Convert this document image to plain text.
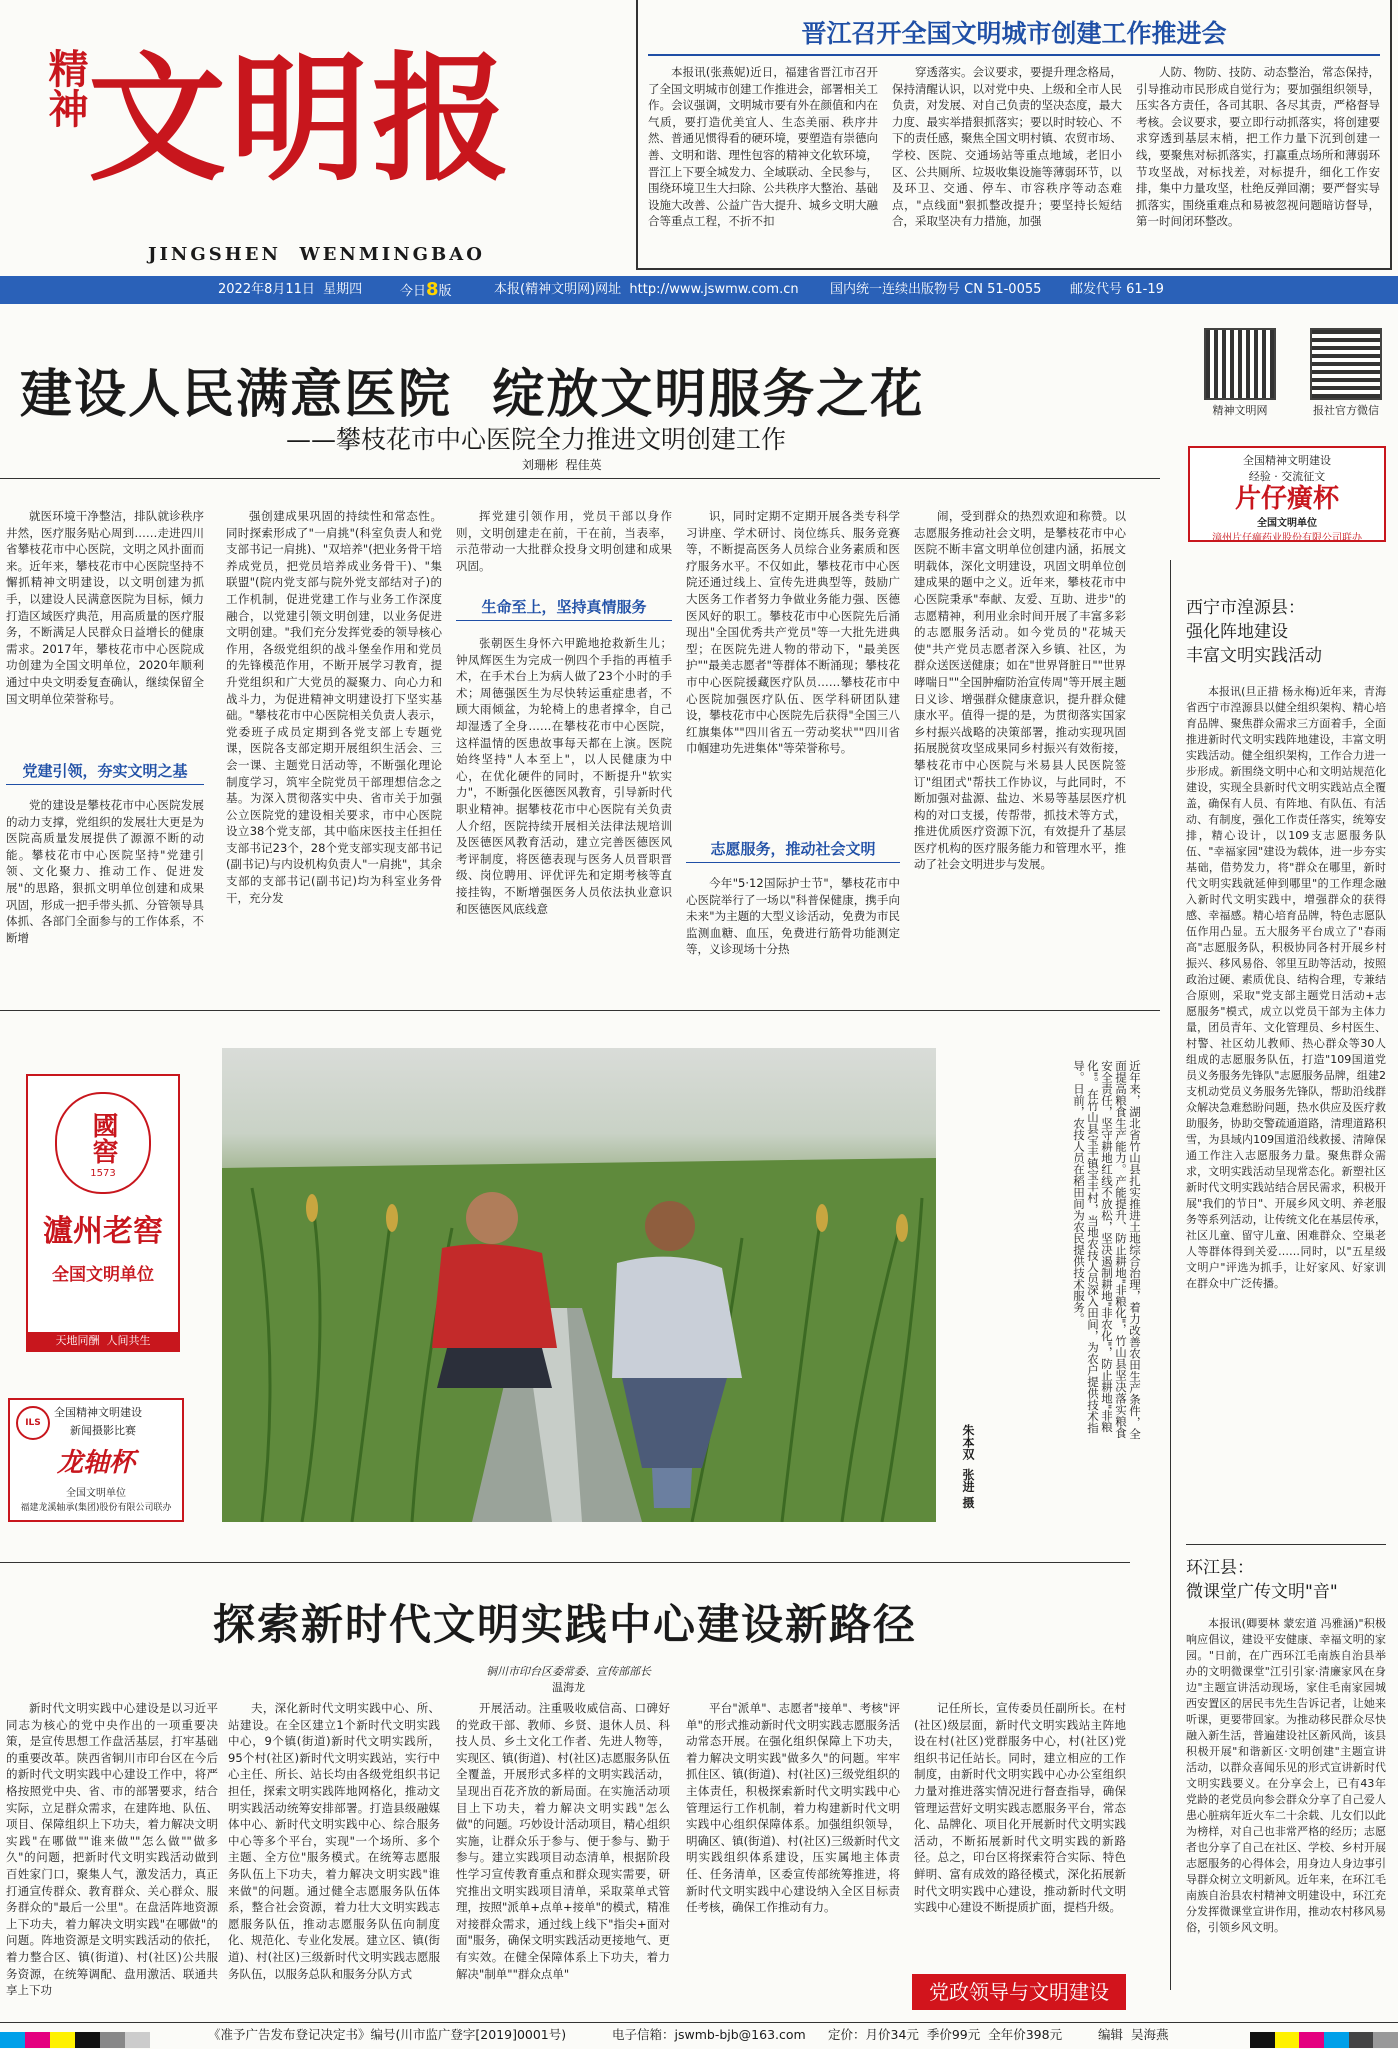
精神 文明报
JINGSHEN  WENMINGBAO
晋江召开全国文明城市创建工作推进会
本报讯(张燕妮)近日，福建省晋江市召开了全国文明城市创建工作推进会，部署相关工作。会议强调，文明城市要有外在颜值和内在气质，要打造优美宜人、生态美丽、秩序井然、普通见惯得看的硬环境，要塑造有崇德向善、文明和谐、理性包容的精神文化软环境，晋江上下要全城发力、全域联动、全民参与，围绕环境卫生大扫除、公共秩序大整治、基础设施大改善、公益广告大提升、城乡文明大融合等重点工程，不折不扣
穿透落实。会议要求，要提升理念格局，保持清醒认识，以对党中央、上级和全市人民负责，对发展、对自己负责的坚决态度，最大力度、最实举措狠抓落实；要以时时较心、不下的责任感，聚焦全国文明村镇、农贸市场、学校、医院、交通场站等重点地域，老旧小区、公共厕所、垃圾收集设施等薄弱环节，以及环卫、交通、停车、市容秩序等动态难点，"点线面"狠抓整改提升；要坚持长短结合，采取坚决有力措施，加强
人防、物防、技防、动态整治，常态保持，引导推动市民形成自觉行为；要加强组织领导，压实各方责任，各司其职、各尽其责，严格督导考核。会议要求，要立即行动抓落实，将创建要求穿透到基层末梢，把工作力量下沉到创建一线，要聚焦对标抓落实，打赢重点场所和薄弱环节攻坚战，对标找差，对标提升，细化工作安排，集中力量攻坚，杜绝反弹回潮；要严督实导抓落实，围绕重难点和易被忽视问题暗访督导，第一时间闭环整改。
2022年8月11日  星期四	今日8版	本报(精神文明网)网址  http://www.jswmw.com.cn 国内统一连续出版物号 CN 51-0055 邮发代号 61-19
建设人民满意医院  绽放文明服务之花
——攀枝花市中心医院全力推进文明创建工作
刘珊彬  程佳英
精神文明网	报社官方微信
全国精神文明建设
经验 · 交流征文
片仔癀杯
全国文明单位
漳州片仔癀药业股份有限公司联办
就医环境干净整洁，排队就诊秩序井然，医疗服务贴心周到……走进四川省攀枝花市中心医院，文明之风扑面而来。近年来，攀枝花市中心医院坚持不懈抓精神文明建设，以文明创建为抓手，以建设人民满意医院为目标，倾力打造区域医疗典范，用高质量的医疗服务，不断满足人民群众日益增长的健康需求。2017年，攀枝花市中心医院成功创建为全国文明单位，2020年顺利通过中央文明委复查确认，继续保留全国文明单位荣誉称号。
党建引领，夯实文明之基
党的建设是攀枝花市中心医院发展的动力支撑，党组织的发展壮大更是为医院高质量发展提供了源源不断的动能。攀枝花市中心医院坚持"党建引领、文化聚力、推动工作、促进发展"的思路，狠抓文明单位创建和成果巩固，形成一把手带头抓、分管领导具体抓、各部门全面参与的工作体系，不断增
强创建成果巩固的持续性和常态性。同时探索形成了"一肩挑"(科室负责人和党支部书记一肩挑)、"双培养"(把业务骨干培养成党员，把党员培养成业务骨干)、"集联盟"(院内党支部与院外党支部结对子)的工作机制，促进党建工作与业务工作深度融合，以党建引领文明创建，以业务促进文明创建。"我们充分发挥党委的领导核心作用，各级党组织的战斗堡垒作用和党员的先锋模范作用，不断开展学习教育，提升党组织和广大党员的凝聚力、向心力和战斗力，为促进精神文明建设打下坚实基础。"攀枝花市中心医院相关负责人表示，党委班子成员定期到各党支部上专题党课，医院各支部定期开展组织生活会、三会一课、主题党日活动等，不断强化理论制度学习，筑牢全院党员干部理想信念之基。为深入贯彻落实中央、省市关于加强公立医院党的建设相关要求，市中心医院设立38个党支部，其中临床医技主任担任支部书记23个，28个党支部实现支部书记(副书记)与内设机构负责人"一肩挑"，其余支部的支部书记(副书记)均为科室业务骨干，充分发
挥党建引领作用，党员干部以身作则，文明创建走在前，干在前，当表率，示范带动一大批群众投身文明创建和成果巩固。
生命至上，坚持真情服务
张朝医生身怀六甲跪地抢救新生儿；钟凤辉医生为完成一例四个手指的再植手术，在手术台上为病人做了23个小时的手术；周德强医生为尽快转运重症患者，不顾大雨倾盆，为轮椅上的患者撑伞，自己却湿透了全身……在攀枝花市中心医院，这样温情的医患故事每天都在上演。医院始终坚持"人本至上"，以人民健康为中心，在优化硬件的同时，不断提升"软实力"，不断强化医德医风教育，引导新时代职业精神。据攀枝花市中心医院有关负责人介绍，医院持续开展相关法律法规培训及医德医风教育活动，建立完善医德医风考评制度，将医德表现与医务人员晋职晋级、岗位聘用、评优评先和定期考核等直接挂钩，不断增强医务人员依法执业意识和医德医风底线意
识，同时定期不定期开展各类专科学习讲座、学术研讨、岗位练兵、服务竞赛等，不断提高医务人员综合业务素质和医疗服务水平。不仅如此，攀枝花市中心医院还通过线上、宣传先进典型等，鼓励广大医务工作者努力争做业务能力强、医德医风好的职工。攀枝花市中心医院先后涌现出"全国优秀共产党员"等一大批先进典型；在医院先进人物的带动下，"最美医护""最美志愿者"等群体不断涌现；攀枝花市中心医院援藏医疗队员……攀枝花市中心医院加强医疗队伍、医学科研团队建设，攀枝花市中心医院先后获得"全国三八红旗集体""四川省五一劳动奖状""四川省巾帼建功先进集体"等荣誉称号。
志愿服务，推动社会文明
今年"5·12国际护士节"，攀枝花市中心医院举行了一场以"科普保健康，携手向未来"为主题的大型义诊活动，免费为市民监测血糖、血压，免费进行筋骨功能测定等，义诊现场十分热
闹，受到群众的热烈欢迎和称赞。以志愿服务推动社会文明，是攀枝花市中心医院不断丰富文明单位创建内涵，拓展文明载体，深化文明建设，巩固文明单位创建成果的题中之义。近年来，攀枝花市中心医院秉承"奉献、友爱、互助、进步"的志愿精神，利用业余时间开展了丰富多彩的志愿服务活动。如今党员的"花城天使"共产党员志愿者深入乡镇、社区，为群众送医送健康；如在"世界肾脏日""世界哮喘日""全国肿瘤防治宣传周"等开展主题日义诊、增强群众健康意识，提升群众健康水平。值得一提的是，为贯彻落实国家乡村振兴战略的决策部署，推动实现巩固拓展脱贫攻坚成果同乡村振兴有效衔接，攀枝花市中心医院与米易县人民医院签订"组团式"帮扶工作协议，与此同时，不断加强对盐源、盐边、米易等基层医疗机构的对口支援，传帮带，抓技术等方式，推进优质医疗资源下沉，有效提升了基层医疗机构的医疗服务能力和管理水平，推动了社会文明进步与发展。
西宁市湟源县：
强化阵地建设
丰富文明实践活动
本报讯(旦正措 杨永梅)近年来，青海省西宁市湟源县以健全组织架构、精心培育品牌、聚焦群众需求三方面着手，全面推进新时代文明实践阵地建设，丰富文明实践活动。健全组织架构，工作合力进一步形成。新围绕文明中心和文明站规范化建设，实现全县新时代文明实践站点全覆盖，确保有人员、有阵地、有队伍、有活动、有制度，强化工作责任落实，统筹安排，精心设计，以109支志愿服务队伍、"幸福家园"建设为载体，进一步夯实基础，借势发力，将"群众在哪里，新时代文明实践就延伸到哪里"的工作理念融入新时代文明实践中，增强群众的获得感、幸福感。精心培育品牌，特色志愿队伍作用凸显。五大服务平台成立了"春雨高"志愿服务队，积极协同各村开展乡村振兴、移风易俗、邻里互助等活动，按照政治过硬、素质优良、结构合理，专兼结合原则，采取"党支部主题党日活动+志愿服务"模式，成立以党员干部为主体力量，团员青年、文化管理员、乡村医生、村警、社区幼儿教师、热心群众等30人组成的志愿服务队伍，打造"109国道党员义务服务先锋队"志愿服务品牌，组建2支机动党员义务服务先锋队，帮助沿线群众解决急难愁盼问题，热水供应及医疗救助服务，协助交警疏通道路，清理道路积雪，为县域内109国道沿线救援、清障保通工作注入志愿服务力量。聚焦群众需求，文明实践活动呈现常态化。新塑社区新时代文明实践站结合居民需求，积极开展"我们的节日"、开展乡风文明、养老服务等系列活动，让传统文化在基层传承，社区儿童、留守儿童、困难群众、空巢老人等群体得到关爱……同时，以"五星级文明户"评选为抓手，让好家风、好家训在群众中广泛传播。
环江县：
微课堂广传文明"音"
本报讯(卿要林 蒙宏道 冯雅涵)"积极响应倡议，建设平安健康、幸福文明的家园。"日前，在广西环江毛南族自治县举办的文明微课堂"江引引家·清廉家风在身边"主题宣讲活动现场，家住毛南家园城西安置区的居民韦先生告诉记者，让她来听课，更要带回家。为推动移民群众尽快融入新生活，普遍建设社区新风尚，该县积极开展"和谐新区·文明创建"主题宣讲活动，以群众喜闻乐见的形式宣讲新时代文明实践要义。在分享会上，已有43年党龄的老党员向参会群众分享了自己爱人患心脏病年近火车二十余载、儿女们以此为榜样，对自己也非常严格的经历；志愿者也分享了自己在社区、学校、乡村开展志愿服务的心得体会，用身边人身边事引导群众树立文明新风。近年来，在环江毛南族自治县农村精神文明建设中，环江充分发挥微课堂宣讲作用，推动农村移风易俗，引领乡风文明。
國窖
1573
瀘州老窖
全国文明单位
天地同酬  人间共生
ILS
全国精神文明建设
新闻摄影比赛
龙轴杯
全国文明单位
福建龙溪轴承(集团)股份有限公司联办
近年来，湖北省竹山县扎实推进土地综合治理，着力改善农田生产条件，全面提高粮食生产能力。产能提升、防止耕地"非粮化"，竹山县坚决落实粮食安全责任，坚守耕地红线不放松，坚决遏制耕地"非农化"，防止耕地"非粮化"。在竹山县宝丰镇宝丰村，当地农技人员深入田间，为农户提供技术指导。日前，农技人员在稻田间为农民提供技术服务。
朱本双  张进 摄
探索新时代文明实践中心建设新路径

铜川市印台区委常委、宣传部部长
温海龙

新时代文明实践中心建设是以习近平同志为核心的党中央作出的一项重要决策，是宣传思想工作盘活基层，打牢基础的重要改革。陕西省铜川市印台区在今后的新时代文明实践中心建设工作中，将严格按照党中央、省、市的部署要求，结合实际，立足群众需求，在建阵地、队伍、项目、保障组织上下功夫，着力解决文明实践"在哪做""谁来做""怎么做""做多久"的问题，把新时代文明实践活动做到百姓家门口，聚集人气，激发活力，真正打通宣传群众、教育群众、关心群众、服务群众的"最后一公里"。在盘活阵地资源上下功夫，着力解决文明实践"在哪做"的问题。阵地资源是文明实践活动的依托，着力整合区、镇(街道)、村(社区)公共服务资源，在统筹调配、盘用激活、联通共享上下功
夫，深化新时代文明实践中心、所、站建设。在全区建立1个新时代文明实践中心，9个镇(街道)新时代文明实践所，95个村(社区)新时代文明实践站，实行中心主任、所长、站长均由各级党组织书记担任，探索文明实践阵地网格化，推动文明实践活动统筹安排部署。打造县级融媒体中心、新时代文明实践中心、综合服务中心等多个平台，实现"一个场所、多个主题、全方位"服务模式。在统筹志愿服务队伍上下功夫，着力解决文明实践"谁来做"的问题。通过健全志愿服务队伍体系，整合社会资源，着力壮大文明实践志愿服务队伍，推动志愿服务队伍向制度化、规范化、专业化发展。建立区、镇(街道)、村(社区)三级新时代文明实践志愿服务队伍，以服务总队和服务分队方式
开展活动。注重吸收威信高、口碑好的党政干部、教师、乡贤、退休人员、科技人员、乡土文化工作者、先进人物等，实现区、镇(街道)、村(社区)志愿服务队伍全覆盖，开展形式多样的文明实践活动，呈现出百花齐放的新局面。在实施活动项目上下功夫，着力解决文明实践"怎么做"的问题。巧妙设计活动项目，精心组织实施，让群众乐于参与、便于参与、勤于参与。建立实践项目动态清单，根据阶段性学习宣传教育重点和群众现实需要，研究推出文明实践项目清单，采取菜单式管理，按照"派单+点单+接单"的模式，精准对接群众需求，通过线上线下"指尖+面对面"服务，确保文明实践活动更接地气、更有实效。在健全保障体系上下功夫，着力解决"制单""群众点单"
平台"派单"、志愿者"接单"、考核"评单"的形式推动新时代文明实践志愿服务活动常态开展。在强化组织保障上下功夫，着力解决文明实践"做多久"的问题。牢牢抓住区、镇(街道)、村(社区)三级党组织的主体责任，积极探索新时代文明实践中心管理运行工作机制，着力构建新时代文明实践中心组织保障体系。加强组织领导，明确区、镇(街道)、村(社区)三级新时代文明实践组织体系建设，压实属地主体责任、任务清单，区委宣传部统筹推进，将新时代文明实践中心建设纳入全区目标责任考核，确保工作推动有力。
记任所长，宣传委员任副所长。在村(社区)级层面，新时代文明实践站主阵地设在村(社区)党群服务中心，村(社区)党组织书记任站长。同时，建立相应的工作制度，由新时代文明实践中心办公室组织力量对推进落实情况进行督查指导，确保管理运营好文明实践志愿服务平台，常态化、品牌化、项目化开展新时代文明实践活动，不断拓展新时代文明实践的新路径。总之，印台区将探索符合实际、特色鲜明、富有成效的路径模式，深化拓展新时代文明实践中心建设，推动新时代文明实践中心建设不断提质扩面，提档升级。
党政领导与文明建设
《准予广告发布登记决定书》编号(川市监广登字[2019]0001号)	电子信箱：jswmb-bjb@163.com 定价：月价34元  季价99元  全年价398元	编辑  吴海燕
